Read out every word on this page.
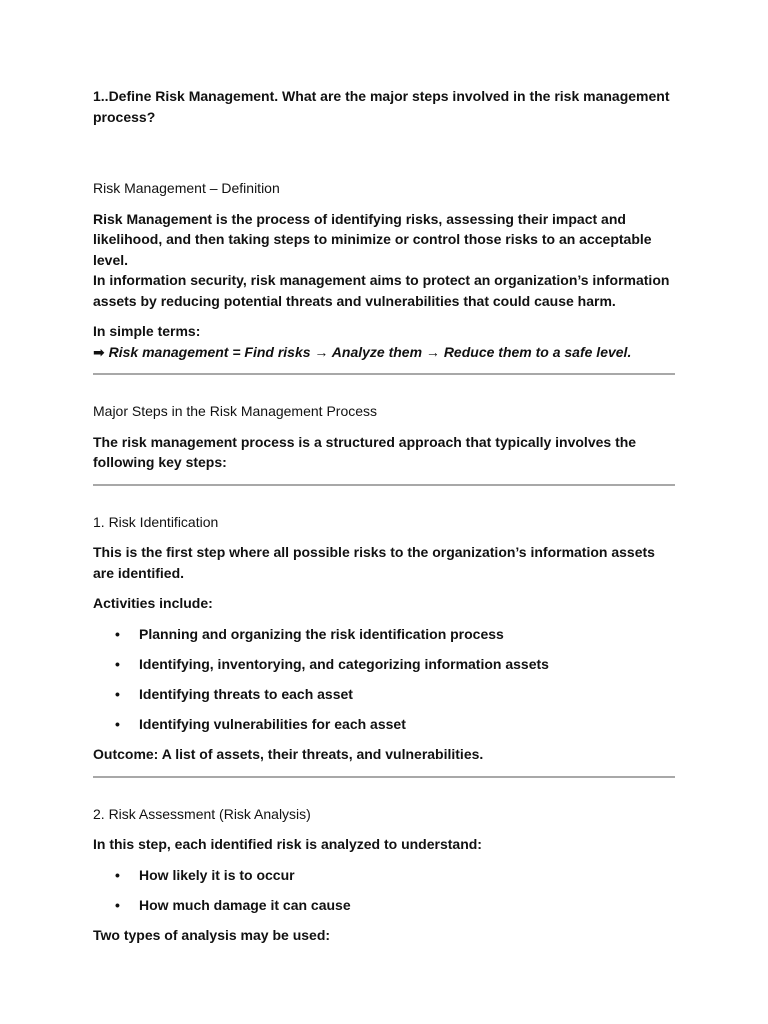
1..Define Risk Management. What are the major steps involved in the risk management process?

Risk Management – Definition

Risk Management is the process of identifying risks, assessing their impact and likelihood, and then taking steps to minimize or control those risks to an acceptable level.

In information security, risk management aims to protect an organization’s information assets by reducing potential threats and vulnerabilities that could cause harm.

In simple terms:

➡ Risk management = Find risks → Analyze them → Reduce them to a safe level.

Major Steps in the Risk Management Process

The risk management process is a structured approach that typically involves the following key steps:

1. Risk Identification

This is the first step where all possible risks to the organization’s information assets are identified.

Activities include:

• Planning and organizing the risk identification process
• Identifying, inventorying, and categorizing information assets
• Identifying threats to each asset
• Identifying vulnerabilities for each asset

Outcome: A list of assets, their threats, and vulnerabilities.

2. Risk Assessment (Risk Analysis)

In this step, each identified risk is analyzed to understand:

• How likely it is to occur
• How much damage it can cause

Two types of analysis may be used:
